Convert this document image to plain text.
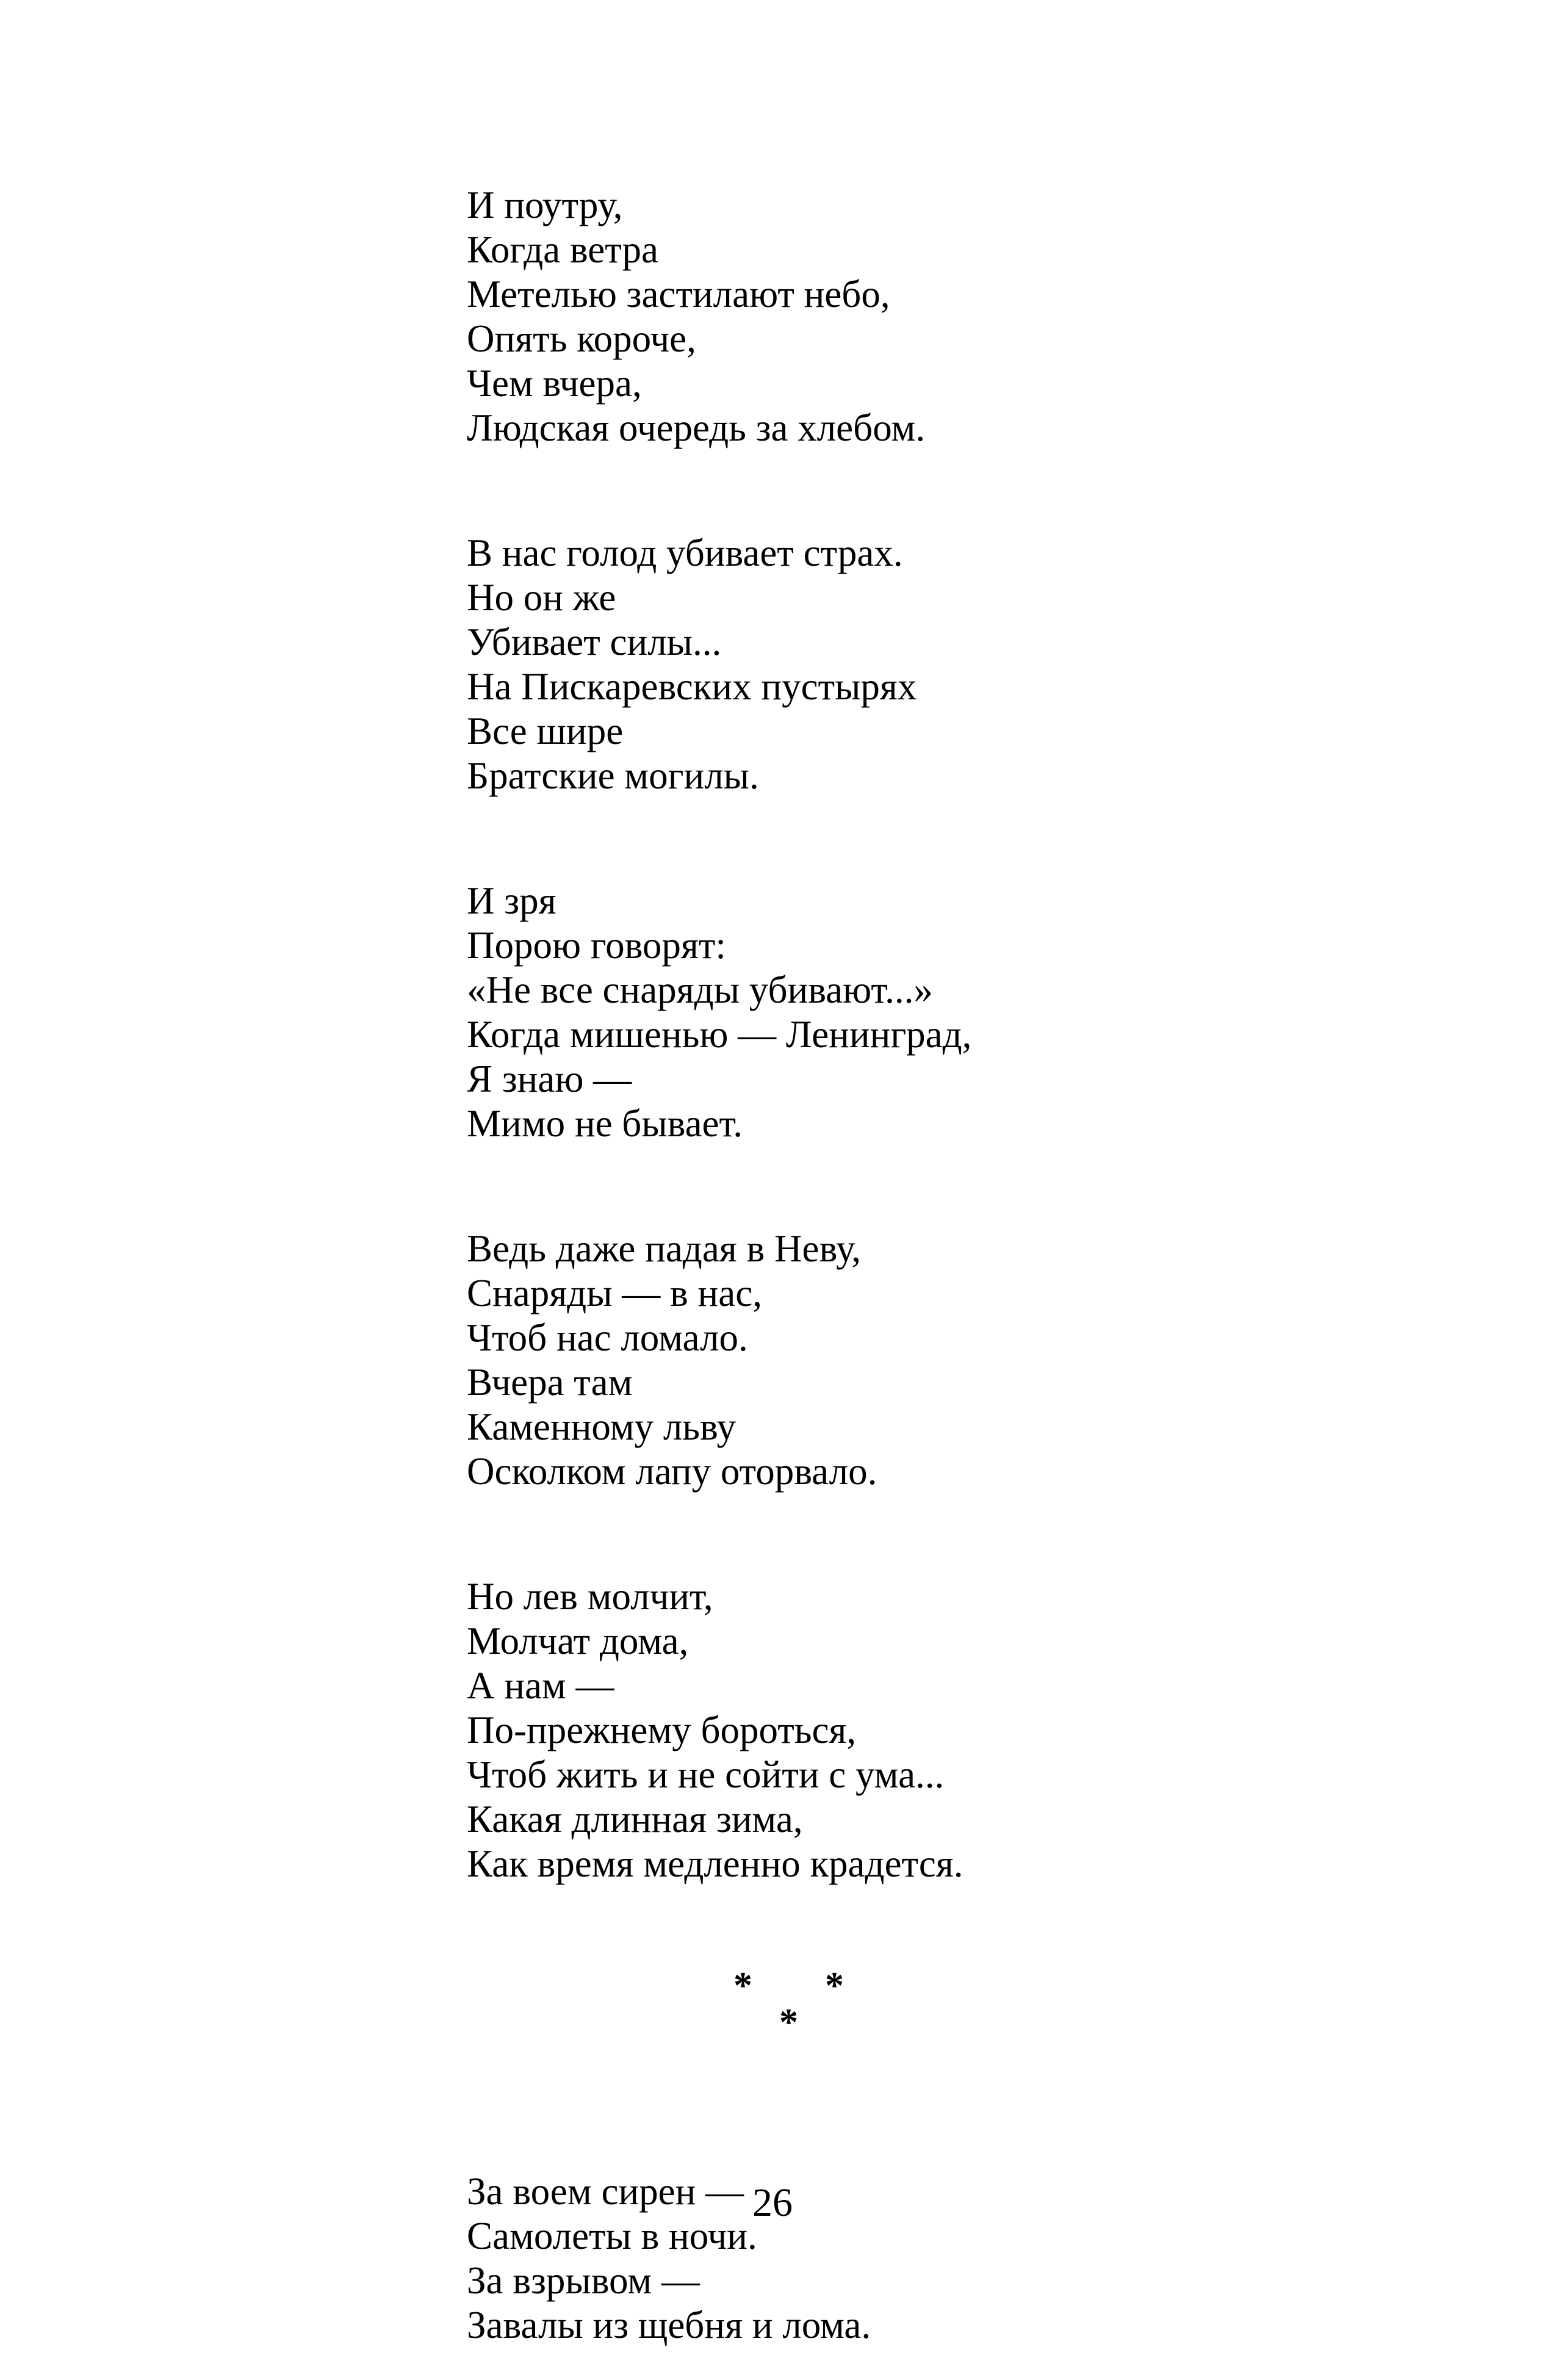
И поутру,
Когда ветра
Метелью застилают небо,
Опять короче,
Чем вчера,
Людская очередь за хлебом.
В нас голод убивает страх.
Но он же
Убивает силы...
На Пискаревских пустырях
Все шире
Братские могилы.
И зря
Порою говорят:
«Не все снаряды убивают...»
Когда мишенью — Ленинград,
Я знаю —
Мимо не бывает.
Ведь даже падая в Неву,
Снаряды — в нас,
Чтоб нас ломало.
Вчера там
Каменному льву
Осколком лапу оторвало.
Но лев молчит,
Молчат дома,
А нам —
По-прежнему бороться,
Чтоб жить и не сойти с ума...
Какая длинная зима,
Как время медленно крадется.
* *
*
За воем сирен —
Самолеты в ночи.
За взрывом —
Завалы из щебня и лома.
26
